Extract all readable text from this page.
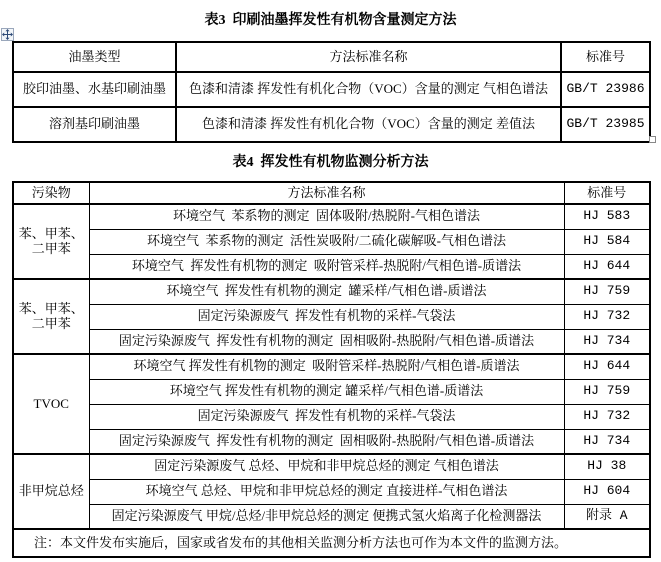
表3  印刷油墨挥发性有机物含量测定方法
油墨类型	方法标准名称	标准号
胶印油墨、水基印刷油墨	色漆和清漆 挥发性有机化合物（VOC）含量的测定 气相色谱法	GB/T 23986
溶剂基印刷油墨	色漆和清漆 挥发性有机化合物（VOC）含量的测定 差值法	GB/T 23985
表4  挥发性有机物监测分析方法
污染物	方法标准名称	标准号
苯、甲苯、二甲苯	环境空气  苯系物的测定  固体吸附/热脱附-气相色谱法	HJ 583
	环境空气  苯系物的测定  活性炭吸附/二硫化碳解吸-气相色谱法	HJ 584
	环境空气  挥发性有机物的测定  吸附管采样-热脱附/气相色谱-质谱法	HJ 644
苯、甲苯、二甲苯	环境空气  挥发性有机物的测定  罐采样/气相色谱-质谱法	HJ 759
	固定污染源废气  挥发性有机物的采样-气袋法	HJ 732
	固定污染源废气  挥发性有机物的测定  固相吸附-热脱附/气相色谱-质谱法	HJ 734
TVOC	环境空气 挥发性有机物的测定  吸附管采样-热脱附/气相色谱-质谱法	HJ 644
	环境空气 挥发性有机物的测定 罐采样/气相色谱-质谱法	HJ 759
	固定污染源废气  挥发性有机物的采样-气袋法	HJ 732
	固定污染源废气  挥发性有机物的测定  固相吸附-热脱附/气相色谱-质谱法	HJ 734
非甲烷总烃	固定污染源废气 总烃、甲烷和非甲烷总烃的测定 气相色谱法	HJ 38
	环境空气 总烃、甲烷和非甲烷总烃的测定 直接进样-气相色谱法	HJ 604
	固定污染源废气 甲烷/总烃/非甲烷总烃的测定 便携式氢火焰离子化检测器法	附录 A
注：本文件发布实施后，国家或省发布的其他相关监测分析方法也可作为本文件的监测方法。		
